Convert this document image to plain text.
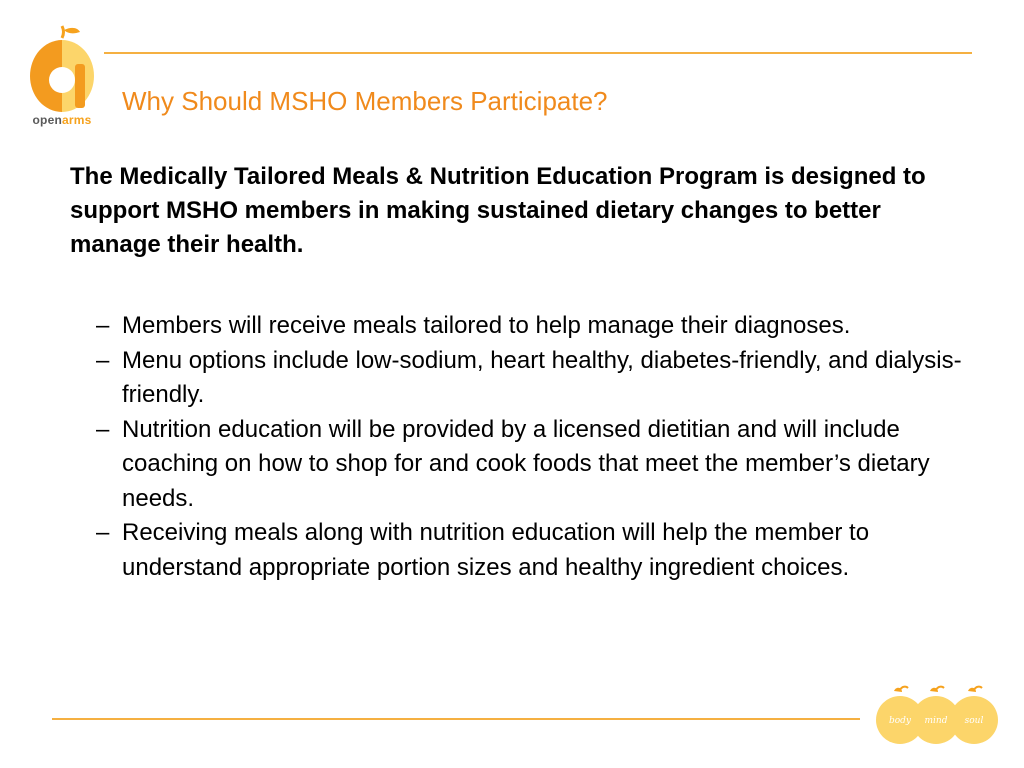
openarms
Why Should MSHO Members Participate?
The Medically Tailored Meals & Nutrition Education Program is designed to support MSHO members in making sustained dietary changes to better manage their health.
– Members will receive meals tailored to help manage their diagnoses.
– Menu options include low-sodium, heart healthy, diabetes-friendly, and dialysis-friendly.
– Nutrition education will be provided by a licensed dietitian and will include coaching on how to shop for and cook foods that meet the member’s dietary needs.
– Receiving meals along with nutrition education will help the member to understand appropriate portion sizes and healthy ingredient choices.
body mind soul
